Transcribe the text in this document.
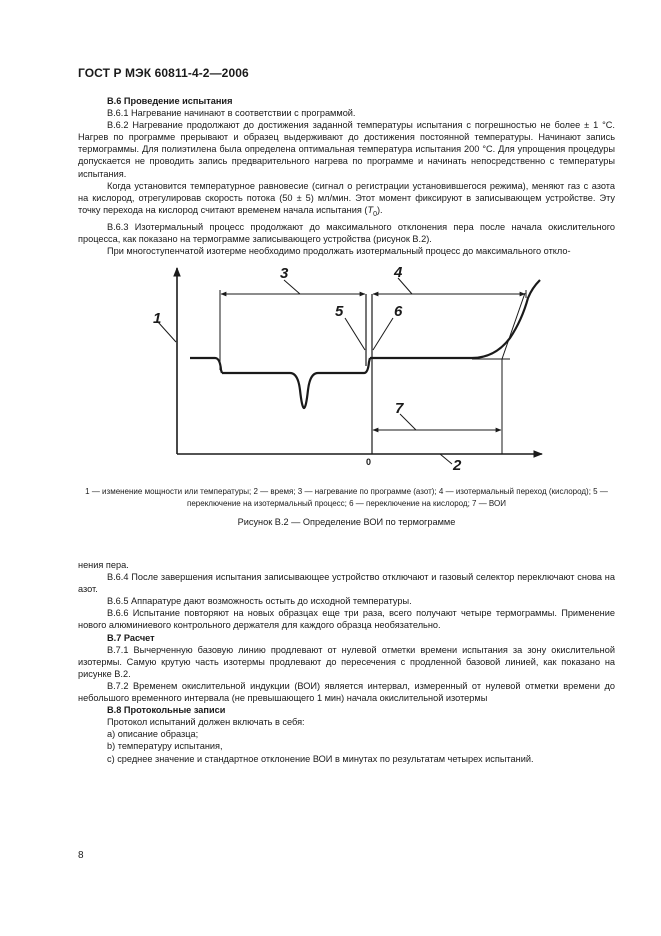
ГОСТ Р МЭК 60811-4-2—2006

В.6 Проведение испытания

В.6.1 Нагревание начинают в соответствии с программой.

В.6.2 Нагревание продолжают до достижения заданной температуры испытания с погрешностью не более ± 1 °С. Нагрев по программе прерывают и образец выдерживают до достижения постоянной температуры. Начинают запись термограммы. Для полиэтилена была определена оптимальная температура испытания 200 °С. Для упрощения процедуры допускается не проводить запись предварительного нагрева по программе и начинать непосредственно с температуры испытания.

Когда установится температурное равновесие (сигнал о регистрации установившегося режима), меняют газ с азота на кислород, отрегулировав скорость потока (50 ± 5) мл/мин. Этот момент фиксируют в записывающем устройстве. Эту точку перехода на кислород считают временем начала испытания $(T_0)$.

В.6.3 Изотермальный процесс продолжают до максимального отклонения пера после начала окислительного процесса, как показано на термограмме записывающего устройства (рисунок В.2).

При многоступенчатой изотерме необходимо продолжать изотермальный процесс до максимального откло-

1
3
5	6
4
7
2
0
1 — изменение мощности или температуры; 2 — время; 3 — нагревание по программе (азот); 4 — изотермальный переход (кислород); 5 — переключение на изотермальный процесс; 6 — переключение на кислород; 7 — ВОИ
Рисунок В.2 — Определение ВОИ по термограмме

нения пера.

В.6.4 После завершения испытания записывающее устройство отключают и газовый селектор переключают снова на азот.

В.6.5 Аппаратуре дают возможность остыть до исходной температуры.

В.6.6 Испытание повторяют на новых образцах еще три раза, всего получают четыре термограммы. Применение нового алюминиевого контрольного держателя для каждого образца необязательно.

В.7 Расчет

В.7.1 Вычерченную базовую линию продлевают от нулевой отметки времени испытания за зону окислительной изотермы. Самую крутую часть изотермы продлевают до пересечения с продленной базовой линией, как показано на рисунке В.2.

В.7.2 Временем окислительной индукции (ВОИ) является интервал, измеренный от нулевой отметки времени до небольшого временного интервала (не превышающего 1 мин) начала окислительной изотермы

В.8 Протокольные записи

Протокол испытаний должен включать в себя:

a) описание образца;

b) температуру испытания,

c) среднее значение и стандартное отклонение ВОИ в минутах по результатам четырех испытаний.

8
